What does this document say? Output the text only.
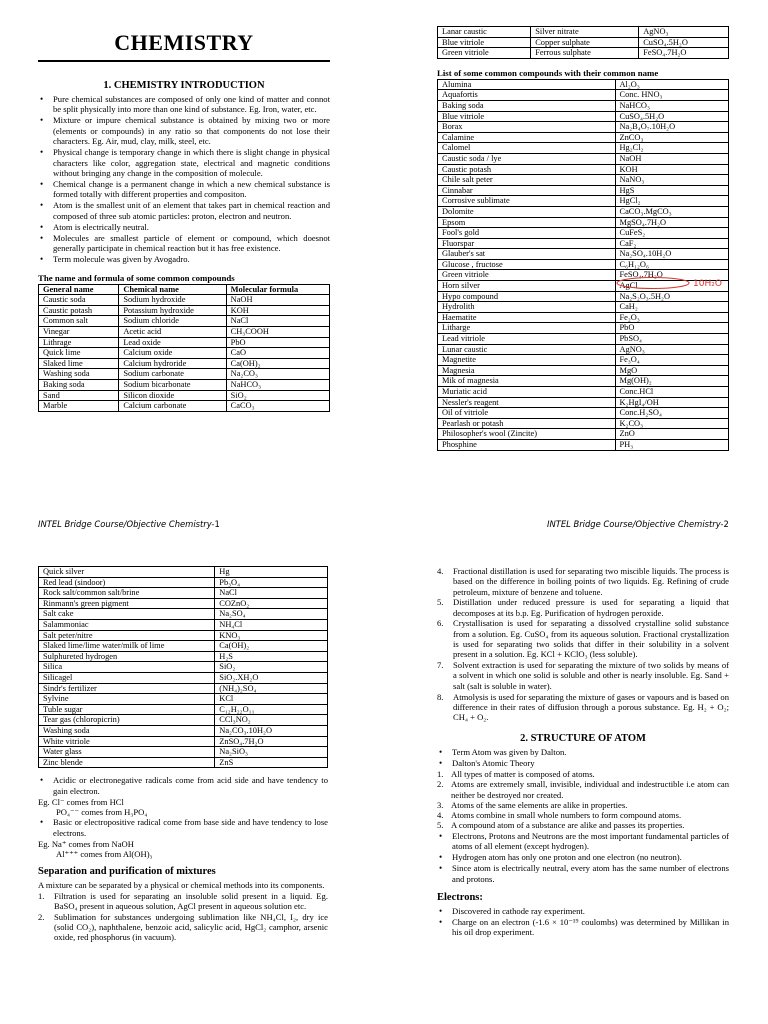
CHEMISTRY
1. CHEMISTRY INTRODUCTION
• Pure chemical substances are composed of only one kind of matter and connot be split physically into more than one kind of substance. Eg. Iron, water, etc.
• Mixture or impure chemical substance is obtained by mixing two or more (elements or compounds) in any ratio so that components do not lose their characters. Eg. Air, mud, clay, milk, steel, etc.
• Physical change is temporary change in which there is slight change in physical characters like color, aggregation state, electrical and magnetic conditions without bringing any change in the composition of molecule.
• Chemical change is a permanent change in which a new chemical substance is formed totally with different properties and compositon.
• Atom is the smallest unit of an element that takes part in chemical reaction and composed of three sub atomic particles: proton, electron and neutron.
• Atom is electrically neutral.
• Molecules are smallest particle of element or compound, which doesnot generally participate in chemical reaction but it has free existence.
• Term molecule was given by Avogadro.
The name and formula of some common compounds
General name	Chemical name	Molecular formula
Caustic soda	Sodium hydroxide	NaOH
Caustic potash	Potassium hydroxide	KOH
Common salt	Sodium chloride	NaCl
Vinegar	Acetic acid	CH₃COOH
Lithrage	Lead oxide	PbO
Quick lime	Calcium oxide	CaO
Slaked lime	Calcium hydroride	Ca(OH)₂
Washing soda	Sodium carbonate	Na₂CO₃
Baking soda	Sodium bicarbonate	NaHCO₃
Sand	Silicon dioxide	SiO₂
Marble	Calcium carbonate	CaCO₃
INTEL Bridge Course/Objective Chemistry-1
Lanar caustic	Silver nitrate	AgNO₃
Blue vitriole	Copper sulphate	CuSO₄.5H₂O
Green vitriole	Ferrous sulphate	FeSO₄.7H₂O
List of some common compounds with their common name
Alumina	Al₂O₃
Aquafortis	Conc. HNO₃
Baking soda	NaHCO₃
Blue vitriole	CuSO₄.5H₂O
Borax	Na₂B₄O₇.10H₂O
Calamine	ZnCO₃
Calomel	Hg₂Cl₂
Caustic soda / lye	NaOH
Caustic potash	KOH
Chile salt peter	NaNO₃
Cinnabar	HgS
Corrosive sublimate	HgCl₂
Dolomite	CaCO₃.MgCO₃
Epsom	MgSO₄.7H₂O
Fool's gold	CuFeS₂
Fluorspar	CaF₂
Glauber's sat	Na₂SO₄.10H₂O
Glucose , fructose	C₆H₁₂O₆
Green vitriole	FeSO₄.7H₂O
Horn silver	AgCl
Hypo compound	Na₂S₂O₃.5H₂O
Hydrolith	CaH₂
Haematite	Fe₂O₃
Litharge	PbO
Lead vitriole	PbSO₄
Lunar caustic	AgNO₃
Magnetite	Fe₃O₄
Magnesia	MgO
Mik of magnesia	Mg(OH)₂
Muriatic acid	Conc.HCl
Nessler's reagent	K₂HgI₄/OH
Oil of vitriole	Conc.H₂SO₄
Pearlash or potash	K₂CO₃
Philosopher's wool (Zincite)	ZnO
Phosphine	PH₃
10H₂O
INTEL Bridge Course/Objective Chemistry-2
Quick silver	Hg
Red lead (sindoor)	Pb₃O₄
Rock salt/common salt/brine	NaCl
Rinmann's green pigment	COZnO₂
Salt cake	Na₂SO₄
Salammoniac	NH₄Cl
Salt peter/nitre	KNO₃
Slaked lime/lime water/milk of lime	Ca(OH)₂
Sulphureted hydrogen	H₂S
Silica	SiO₂
Silicagel	SiO₂.XH₂O
Sindr's fertilizer	(NH₄)₂SO₄
Sylvine	KCl
Tuble sugar	C₁₂H₂₂O₁₁
Tear gas (chloropicrin)	CCl₃NO₂
Washing soda	Na₂CO₃.10H₂O
White vitriole	ZnSO₄.7H₂O
Water glass	Na₂SiO₃
Zinc blende	ZnS
• Acidic or electronegative radicals come from acid side and have tendency to gain electron.

Eg. Cl⁻ comes from HCl

PO₄⁻⁻ comes from H₃PO₄

• Basic or electropositive radical come from base side and have tendency to lose electrons.

Eg. Na⁺ comes from NaOH

Al⁺⁺⁺ comes from Al(OH)₃

Separation and purification of mixtures

A mixture can be separated by a physical or chemical methods into its components.

1. Filtration is used for separating an insoluble solid present in a liquid. Eg. BaSO₄ present in aqueous solution, AgCl present in aqueous solution etc.
2. Sublimation for substances undergoing sublimation like NH₄Cl, I₂, dry ice (solid CO₂), naphthalene, benzoic acid, salicylic acid, HgCl₂ camphor, arsenic oxide, red phosphorus (in vacuum).
4. Fractional distillation is used for separating two miscible liquids. The process is based on the difference in boiling points of two liquids. Eg. Refining of crude petroleum, mixture of benzene and toluene.
5. Distillation under reduced pressure is used for separating a liquid that decomposes at its b.p. Eg. Purification of hydrogen peroxide.
6. Crystallisation is used for separating a dissolved crystalline solid substance from a solution. Eg. CuSO₄ from its aqueous solution. Fractional crystallization is used for separating two solids that differ in their solubility in a solvent present in a solution. Eg. KCl + KClO₃ (less soluble).
7. Solvent extraction is used for separating the mixture of two solids by means of a solvent in which one solid is soluble and other is nearly insoluble. Eg. Sand + salt (salt is soluble in water).
8. Atmolysis is used for separating the mixture of gases or vapours and is based on difference in their rates of diffusion through a porous substance. Eg. H₂ + O₂; CH₄ + O₂.
2. STRUCTURE OF ATOM
• Term Atom was given by Dalton.
• Dalton's Atomic Theory
1. All types of matter is composed of atoms.
2. Atoms are extremely small, invisible, individual and indestructible i.e atom can neither be destroyed nor created.
3. Atoms of the same elements are alike in properties.
4. Atoms combine in small whole numbers to form compound atoms.
5. A compound atom of a substance are alike and passes its properties.
• Electrons, Protons and Neutrons are the most important fundamental particles of atoms of all element (except hydrogen).
• Hydrogen atom has only one proton and one electron (no neutron).
• Since atom is electrically neutral, every atom has the same number of electrons and protons.
Electrons:
• Discovered in cathode ray experiment.
• Charge on an electron (-1.6 × 10⁻¹⁹ coulombs) was determined by Millikan in his oil drop experiment.
